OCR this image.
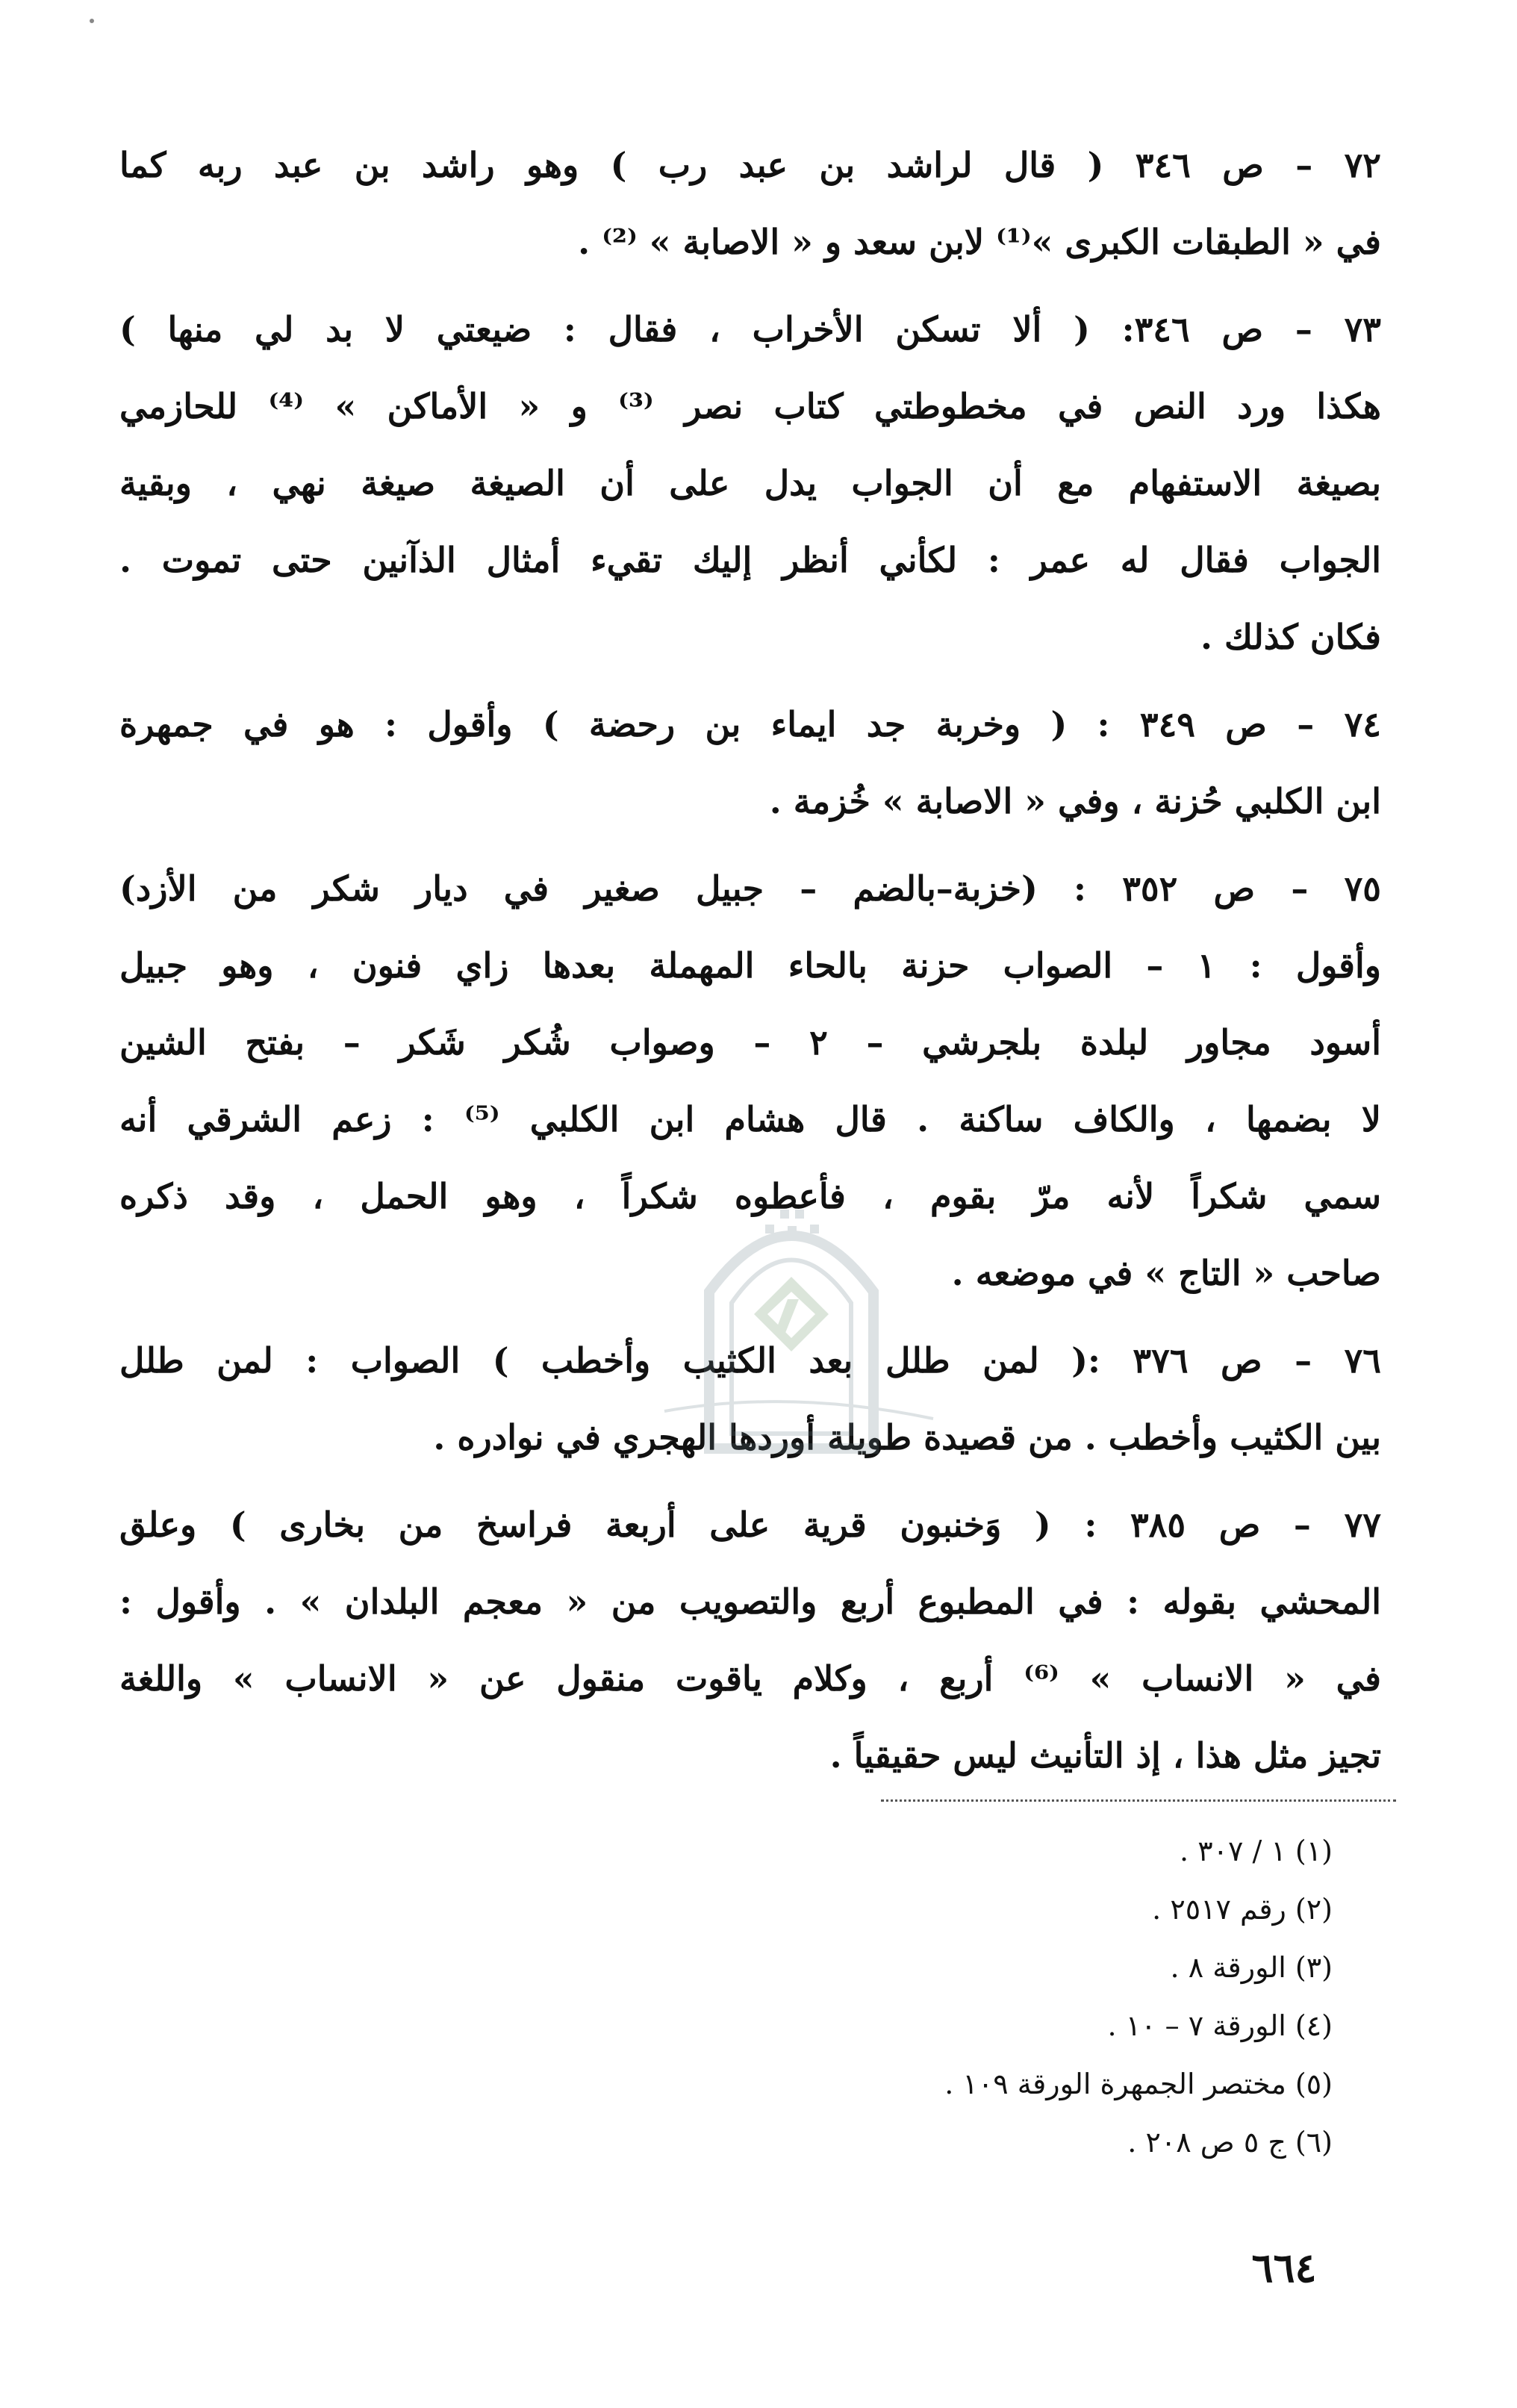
٧٢ – ص ٣٤٦ ( قال لراشد بن عبد رب ) وهو راشد بن عبد ربه كما
في « الطبقات الكبرى »⁽¹⁾ لابن سعد و « الاصابة » ⁽²⁾ .
٧٣ – ص ٣٤٦: ( ألا تسكن الأخراب ، فقال : ضيعتي لا بد لي منها )
هكذا ورد النص في مخطوطتي كتاب نصر ⁽³⁾ و « الأماكن » ⁽⁴⁾ للحازمي
بصيغة الاستفهام مع أن الجواب يدل على أن الصيغة صيغة نهي ، وبقية
الجواب فقال له عمر : لكأني أنظر إليك تقيء أمثال الذآنين حتى تموت .
فكان كذلك .
٧٤ – ص ٣٤٩ : ( وخربة جد ايماء بن رحضة ) وأقول : هو في جمهرة
ابن الكلبي حُزنة ، وفي « الاصابة » خُزمة .
٧٥ – ص ٣٥٢ : (خزبة–بالضم – جبيل صغير في ديار شكر من الأزد)
وأقول : ١ – الصواب حزنة بالحاء المهملة بعدها زاي فنون ، وهو جبيل
أسود مجاور لبلدة بلجرشي – ٢ – وصواب شُكر شَكر – بفتح الشين
لا بضمها ، والكاف ساكنة . قال هشام ابن الكلبي ⁽⁵⁾ : زعم الشرقي أنه
سمي شكراً لأنه مرّ بقوم ، فأعطوه شكراً ، وهو الحمل ، وقد ذكره
صاحب « التاج » في موضعه .
٧٦ – ص ٣٧٦ :( لمن طلل بعد الكثيب وأخطب ) الصواب : لمن طلل
بين الكثيب وأخطب . من قصيدة طويلة أوردها الهجري في نوادره .
٧٧ – ص ٣٨٥ : ( وَخنبون قرية على أربعة فراسخ من بخارى ) وعلق
المحشي بقوله : في المطبوع أربع والتصويب من « معجم البلدان » . وأقول :
في « الانساب » ⁽⁶⁾ أربع ، وكلام ياقوت منقول عن « الانساب » واللغة
تجيز مثل هذا ، إذ التأنيث ليس حقيقياً .
(١) ١ / ٣٠٧ .
(٢) رقم ٢٥١٧ .
(٣) الورقة ٨ .
(٤) الورقة ٧ – ١٠ .
(٥) مختصر الجمهرة الورقة ١٠٩ .
(٦) ج ٥ ص ٢٠٨ .
٦٦٤
